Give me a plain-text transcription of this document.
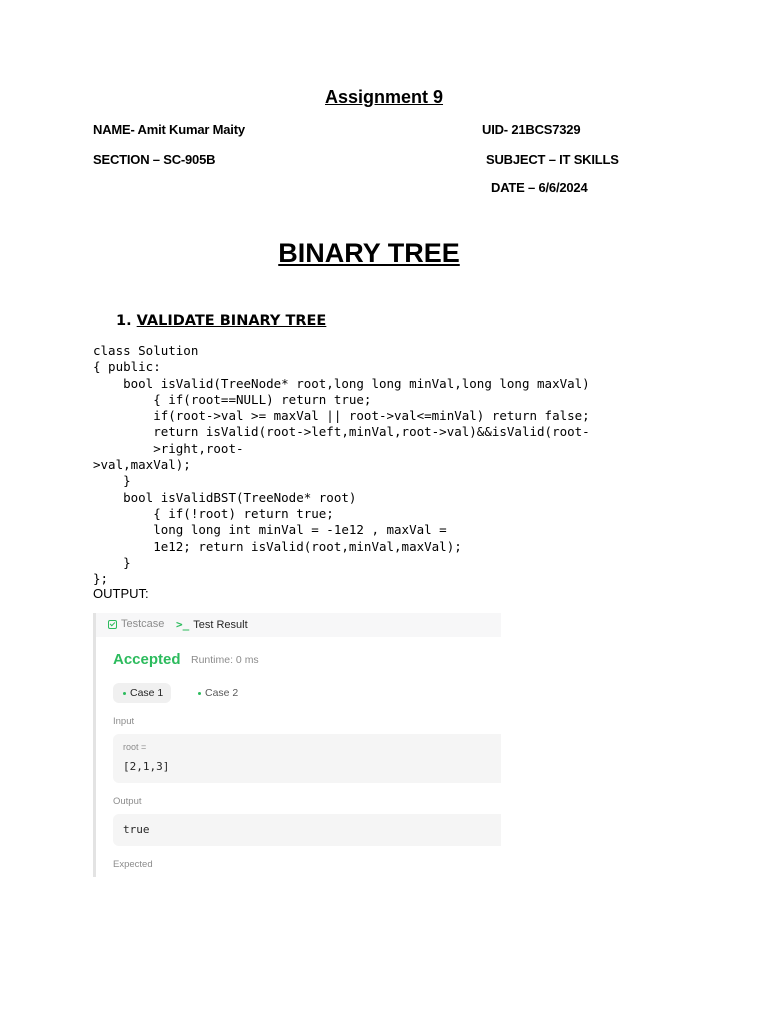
Assignment 9
NAME- Amit Kumar Maity	UID- 21BCS7329
SECTION – SC-905B	SUBJECT – IT SKILLS
DATE – 6/6/2024
BINARY TREE
1. VALIDATE BINARY TREE
class Solution
{ public:
bool isValid(TreeNode* root,long long minVal,long long maxVal)
{ if(root==NULL) return true;
if(root->val >= maxVal || root->val<=minVal) return false;
return isValid(root->left,minVal,root->val)&&isValid(root-
>right,root-
>val,maxVal);
}
bool isValidBST(TreeNode* root)
{ if(!root) return true;
long long int minVal = -1e12 , maxVal =
1e12; return isValid(root,minVal,maxVal);
}
};
OUTPUT:
Testcase >_ Test Result
Accepted Runtime: 0 ms
Case 1	Case 2
Input
root =
[2,1,3]
Output
true
Expected
